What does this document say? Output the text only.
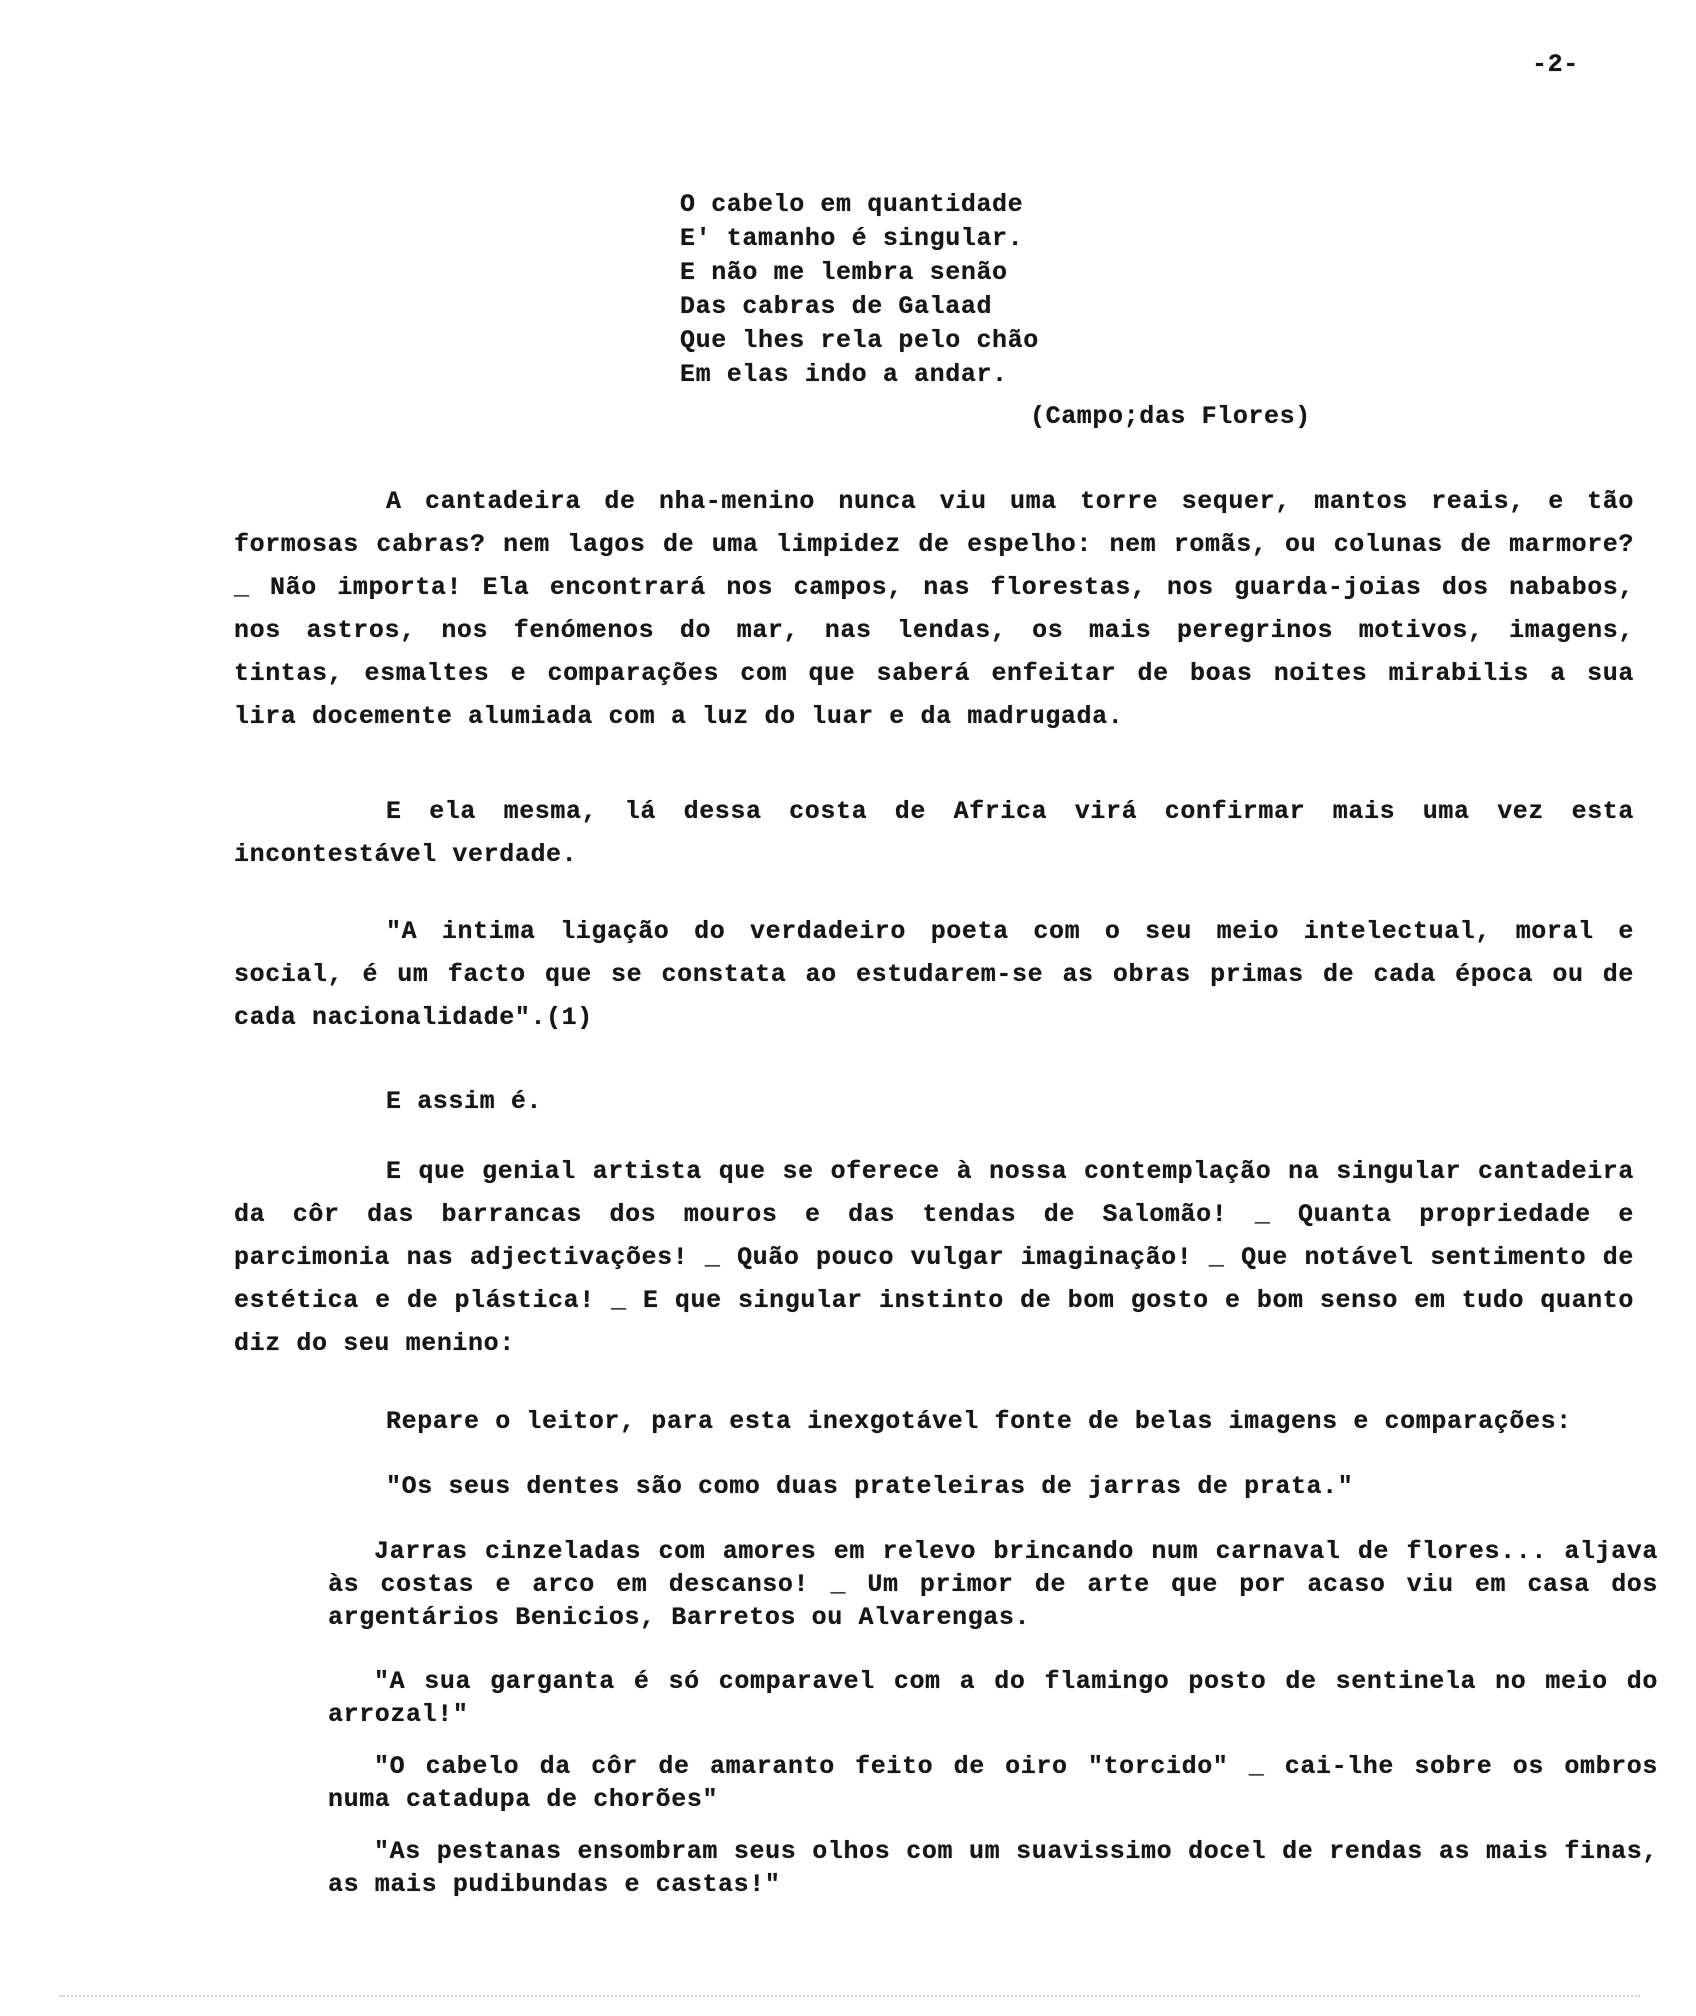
-2-
O cabelo em quantidade
E' tamanho é singular.
E não me lembra senão
Das cabras de Galaad
Que lhes rela pelo chão
Em elas indo a andar.
(Campo;das Flores)

A cantadeira de nha-menino nunca viu uma torre sequer, mantos reais, e tão formosas cabras? nem lagos de uma limpidez de espelho: nem romãs, ou colunas de marmore? _ Não importa! Ela encontrará nos campos, nas florestas, nos guarda-joias dos nababos, nos astros, nos fenómenos do mar, nas lendas, os mais peregrinos motivos, imagens, tintas, esmaltes e comparações com que saberá enfeitar de boas noites mirabilis a sua lira docemente alumiada com a luz do luar e da madrugada.

E ela mesma, lá dessa costa de Africa virá confirmar mais uma vez esta incontestável verdade.

"A intima ligação do verdadeiro poeta com o seu meio intelectual, moral e social, é um facto que se constata ao estudarem-se as obras primas de cada época ou de cada nacionalidade".(1)

E assim é.

E que genial artista que se oferece à nossa contemplação na singular cantadeira da côr das barrancas dos mouros e das tendas de Salomão! _ Quanta propriedade e parcimonia nas adjectivações! _ Quão pouco vulgar imaginação! _ Que notável sentimento de estética e de plástica! _ E que singular instinto de bom gosto e bom senso em tudo quanto diz do seu menino:

Repare o leitor, para esta inexgotável fonte de belas imagens e comparações:

"Os seus dentes são como duas prateleiras de jarras de prata."

Jarras cinzeladas com amores em relevo brincando num carnaval de flores... aljava às costas e arco em descanso! _ Um primor de arte que por acaso viu em casa dos argentários Benicios, Barretos ou Alvarengas.

"A sua garganta é só comparavel com a do flamingo posto de sentinela no meio do arrozal!"

"O cabelo da côr de amaranto feito de oiro "torcido" _ cai-lhe sobre os ombros numa catadupa de chorões"

"As pestanas ensombram seus olhos com um suavissimo docel de rendas as mais finas, as mais pudibundas e castas!"
